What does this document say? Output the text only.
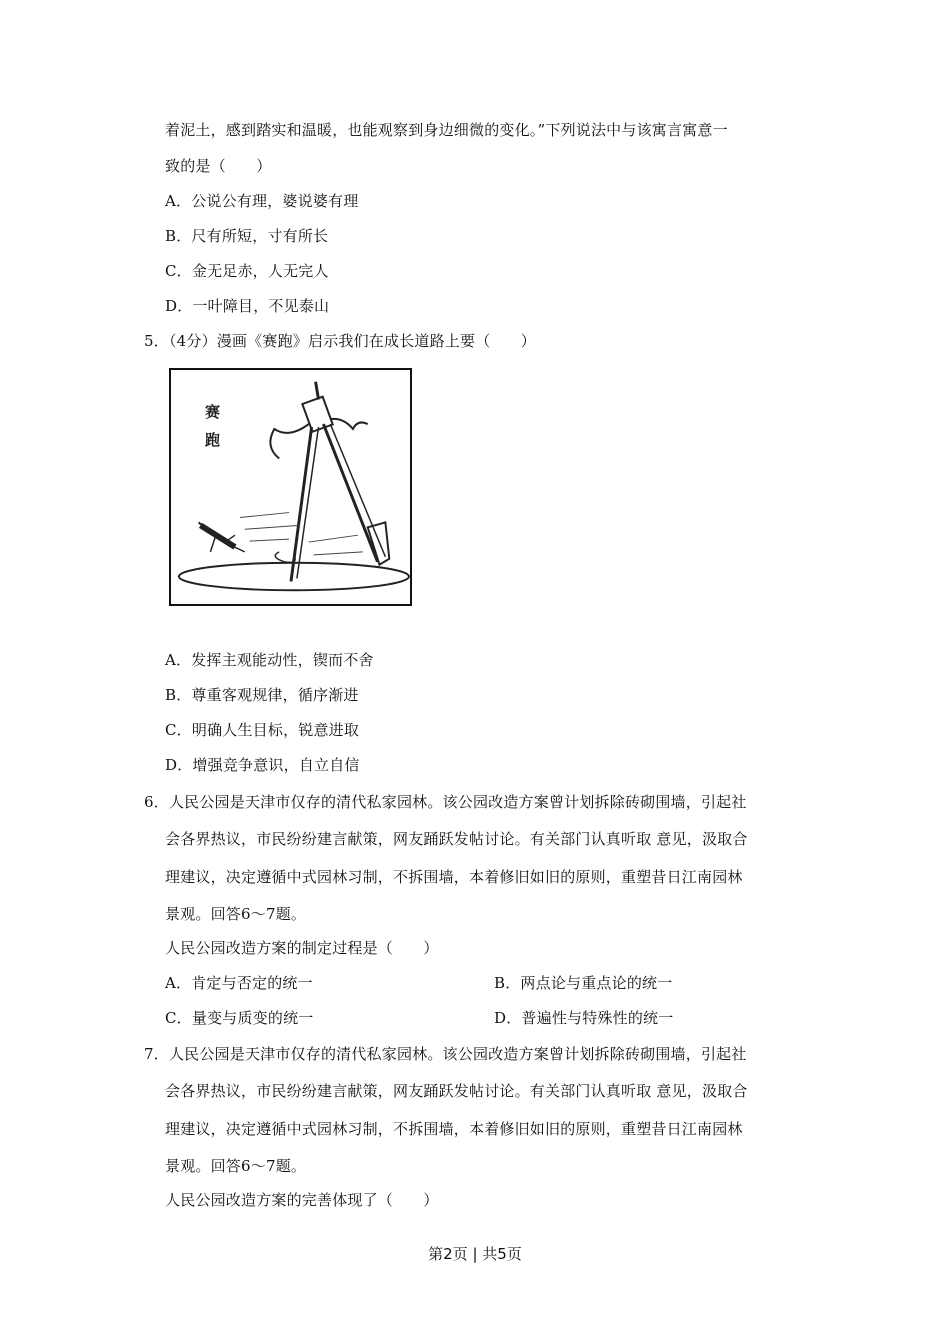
着泥土，感到踏实和温暖，也能观察到身边细微的变化。”下列说法中与该寓言寓意一
致的是（　　）
A．公说公有理，婆说婆有理
B．尺有所短，寸有所长
C．金无足赤，人无完人
D．一叶障目，不见泰山
5．（4分）漫画《赛跑》启示我们在成长道路上要（　　）
赛跑
A．发挥主观能动性，锲而不舍
B．尊重客观规律，循序渐进
C．明确人生目标，锐意进取
D．增强竞争意识，自立自信
6．人民公园是天津市仅存的清代私家园林。该公园改造方案曾计划拆除砖砌围墙，引起社
会各界热议，市民纷纷建言献策，网友踊跃发帖讨论。有关部门认真听取 意见，汲取合
理建议，决定遵循中式园林习制，不拆围墙，本着修旧如旧的原则，重塑昔日江南园林
景观。回答6～7题。
人民公园改造方案的制定过程是（　　）
A．肯定与否定的统一	B．两点论与重点论的统一
C．量变与质变的统一	D．普遍性与特殊性的统一
7．人民公园是天津市仅存的清代私家园林。该公园改造方案曾计划拆除砖砌围墙，引起社
会各界热议，市民纷纷建言献策，网友踊跃发帖讨论。有关部门认真听取 意见，汲取合
理建议，决定遵循中式园林习制，不拆围墙，本着修旧如旧的原则，重塑昔日江南园林
景观。回答6～7题。
人民公园改造方案的完善体现了（　　）
第2页 | 共5页
